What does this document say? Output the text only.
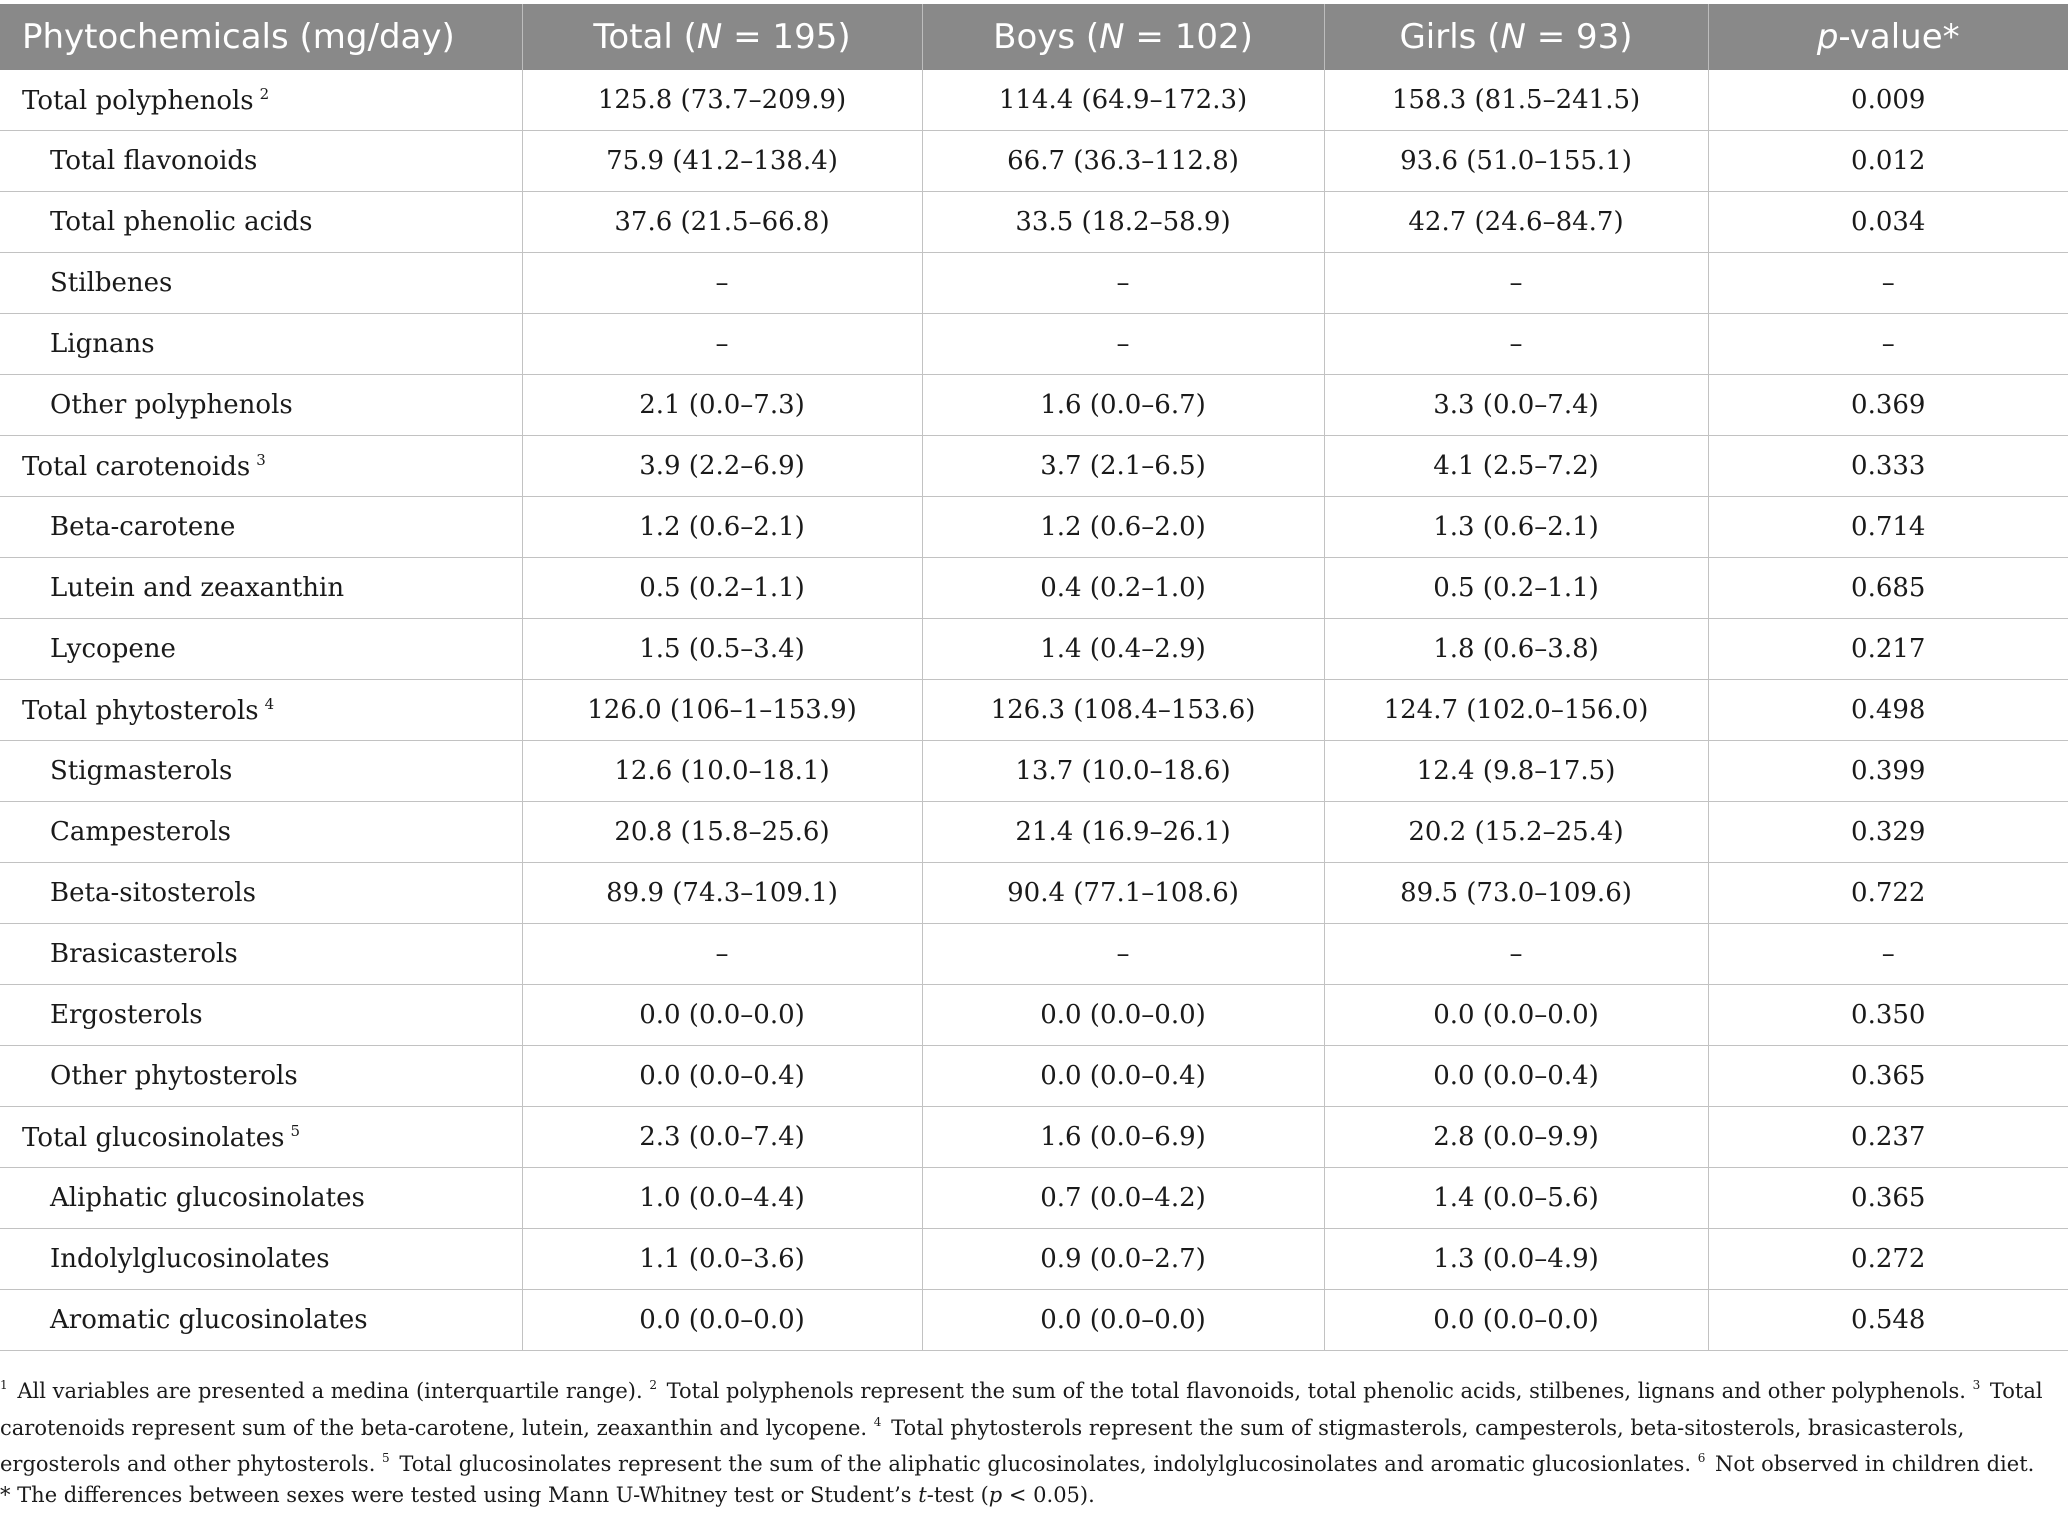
Phytochemicals (mg/day)	Total (N = 195)	Boys (N = 102)	Girls (N = 93)	p-value*
Total polyphenols $^2$	125.8 (73.7–209.9)	114.4 (64.9–172.3)	158.3 (81.5–241.5)	0.009
Total flavonoids	75.9 (41.2–138.4)	66.7 (36.3–112.8)	93.6 (51.0–155.1)	0.012
Total phenolic acids	37.6 (21.5–66.8)	33.5 (18.2–58.9)	42.7 (24.6–84.7)	0.034
Stilbenes	–	–	–	–
Lignans	–	–	–	–
Other polyphenols	2.1 (0.0–7.3)	1.6 (0.0–6.7)	3.3 (0.0–7.4)	0.369
Total carotenoids $^3$	3.9 (2.2–6.9)	3.7 (2.1–6.5)	4.1 (2.5–7.2)	0.333
Beta-carotene	1.2 (0.6–2.1)	1.2 (0.6–2.0)	1.3 (0.6–2.1)	0.714
Lutein and zeaxanthin	0.5 (0.2–1.1)	0.4 (0.2–1.0)	0.5 (0.2–1.1)	0.685
Lycopene	1.5 (0.5–3.4)	1.4 (0.4–2.9)	1.8 (0.6–3.8)	0.217
Total phytosterols $^4$	126.0 (106–1–153.9)	126.3 (108.4–153.6)	124.7 (102.0–156.0)	0.498
Stigmasterols	12.6 (10.0–18.1)	13.7 (10.0–18.6)	12.4 (9.8–17.5)	0.399
Campesterols	20.8 (15.8–25.6)	21.4 (16.9–26.1)	20.2 (15.2–25.4)	0.329
Beta-sitosterols	89.9 (74.3–109.1)	90.4 (77.1–108.6)	89.5 (73.0–109.6)	0.722
Brasicasterols	–	–	–	–
Ergosterols	0.0 (0.0–0.0)	0.0 (0.0–0.0)	0.0 (0.0–0.0)	0.350
Other phytosterols	0.0 (0.0–0.4)	0.0 (0.0–0.4)	0.0 (0.0–0.4)	0.365
Total glucosinolates $^5$	2.3 (0.0–7.4)	1.6 (0.0–6.9)	2.8 (0.0–9.9)	0.237
Aliphatic glucosinolates	1.0 (0.0–4.4)	0.7 (0.0–4.2)	1.4 (0.0–5.6)	0.365
Indolylglucosinolates	1.1 (0.0–3.6)	0.9 (0.0–2.7)	1.3 (0.0–4.9)	0.272
Aromatic glucosinolates	0.0 (0.0–0.0)	0.0 (0.0–0.0)	0.0 (0.0–0.0)	0.548

$^1$ All variables are presented a medina (interquartile range). $^2$ Total polyphenols represent the sum of the total flavonoids, total phenolic acids, stilbenes, lignans and other polyphenols. $^3$ Total carotenoids represent sum of the beta-carotene, lutein, zeaxanthin and lycopene. $^4$ Total phytosterols represent the sum of stigmasterols, campesterols, beta-sitosterols, brasicasterols, ergosterols and other phytosterols. $^5$ Total glucosinolates represent the sum of the aliphatic glucosinolates, indolylglucosinolates and aromatic glucosionlates. $^6$ Not observed in children diet.

* The differences between sexes were tested using Mann U-Whitney test or Student’s t-test (p < 0.05).
